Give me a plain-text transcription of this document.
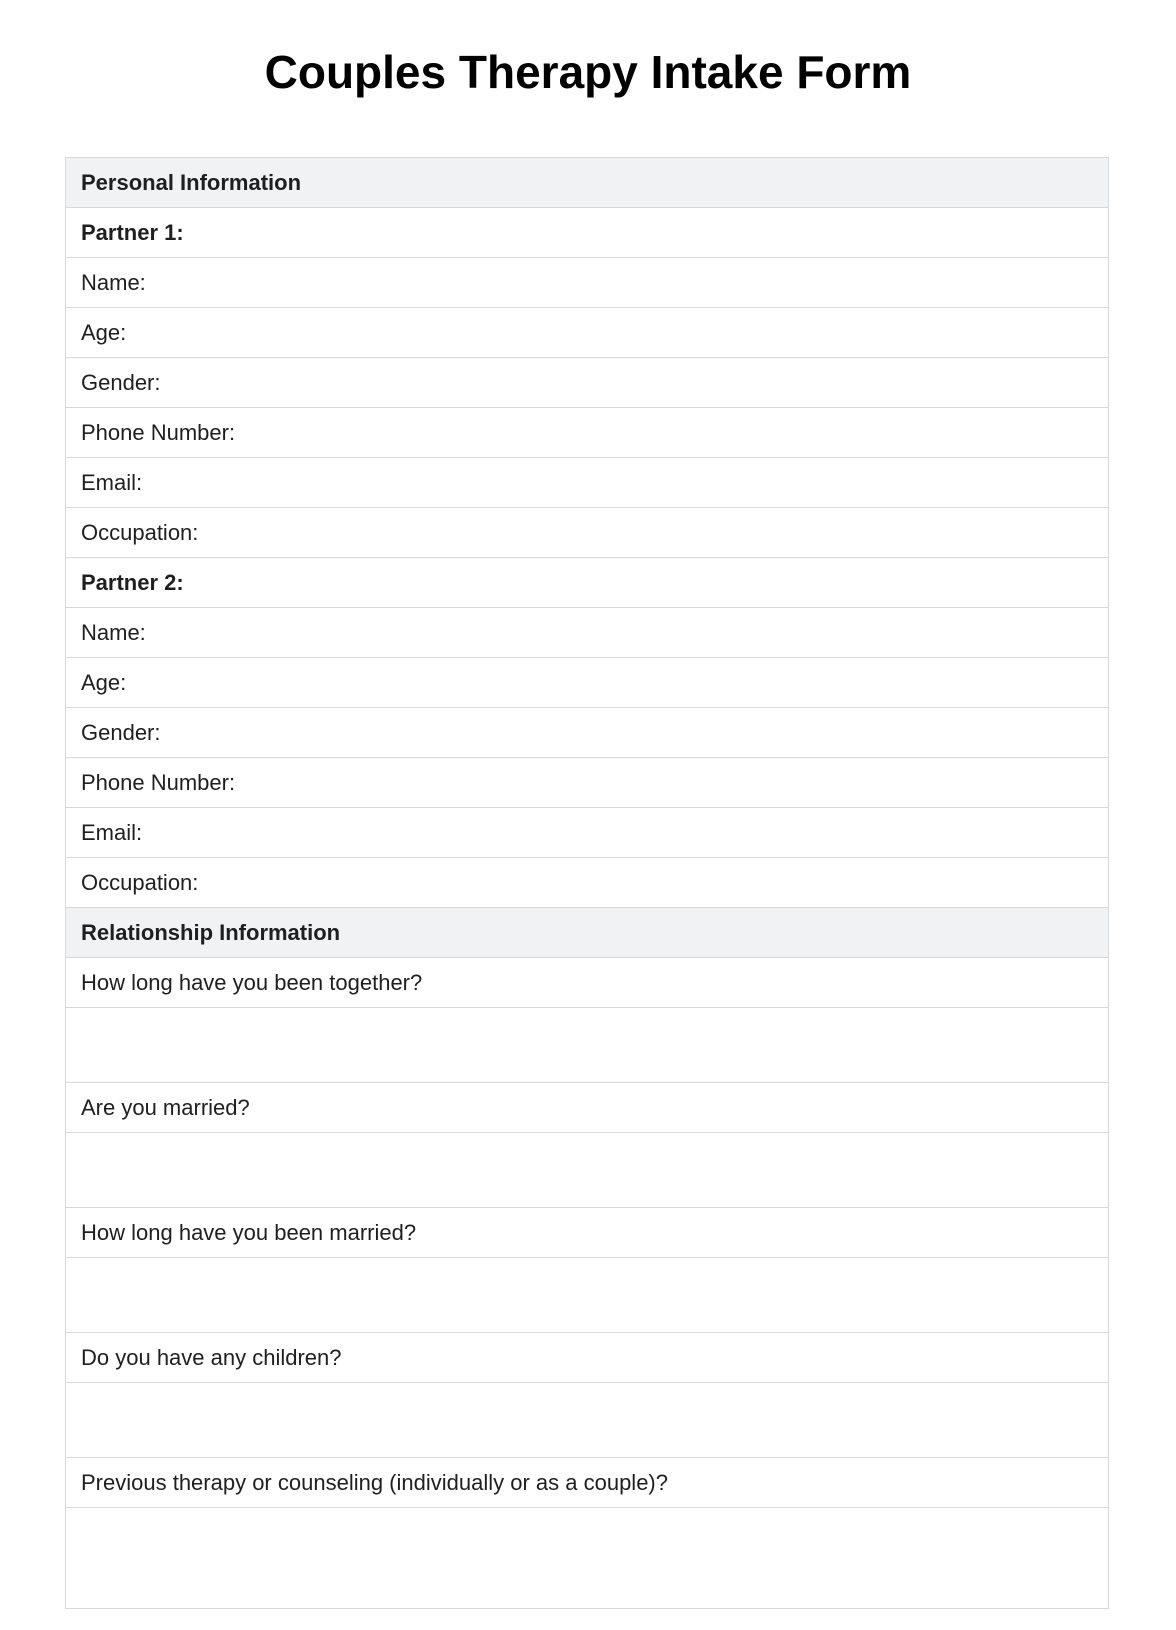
Couples Therapy Intake Form
Personal Information
Partner 1:
Name:
Age:
Gender:
Phone Number:
Email:
Occupation:
Partner 2:
Name:
Age:
Gender:
Phone Number:
Email:
Occupation:
Relationship Information
How long have you been together?
Are you married?
How long have you been married?
Do you have any children?
Previous therapy or counseling (individually or as a couple)?
